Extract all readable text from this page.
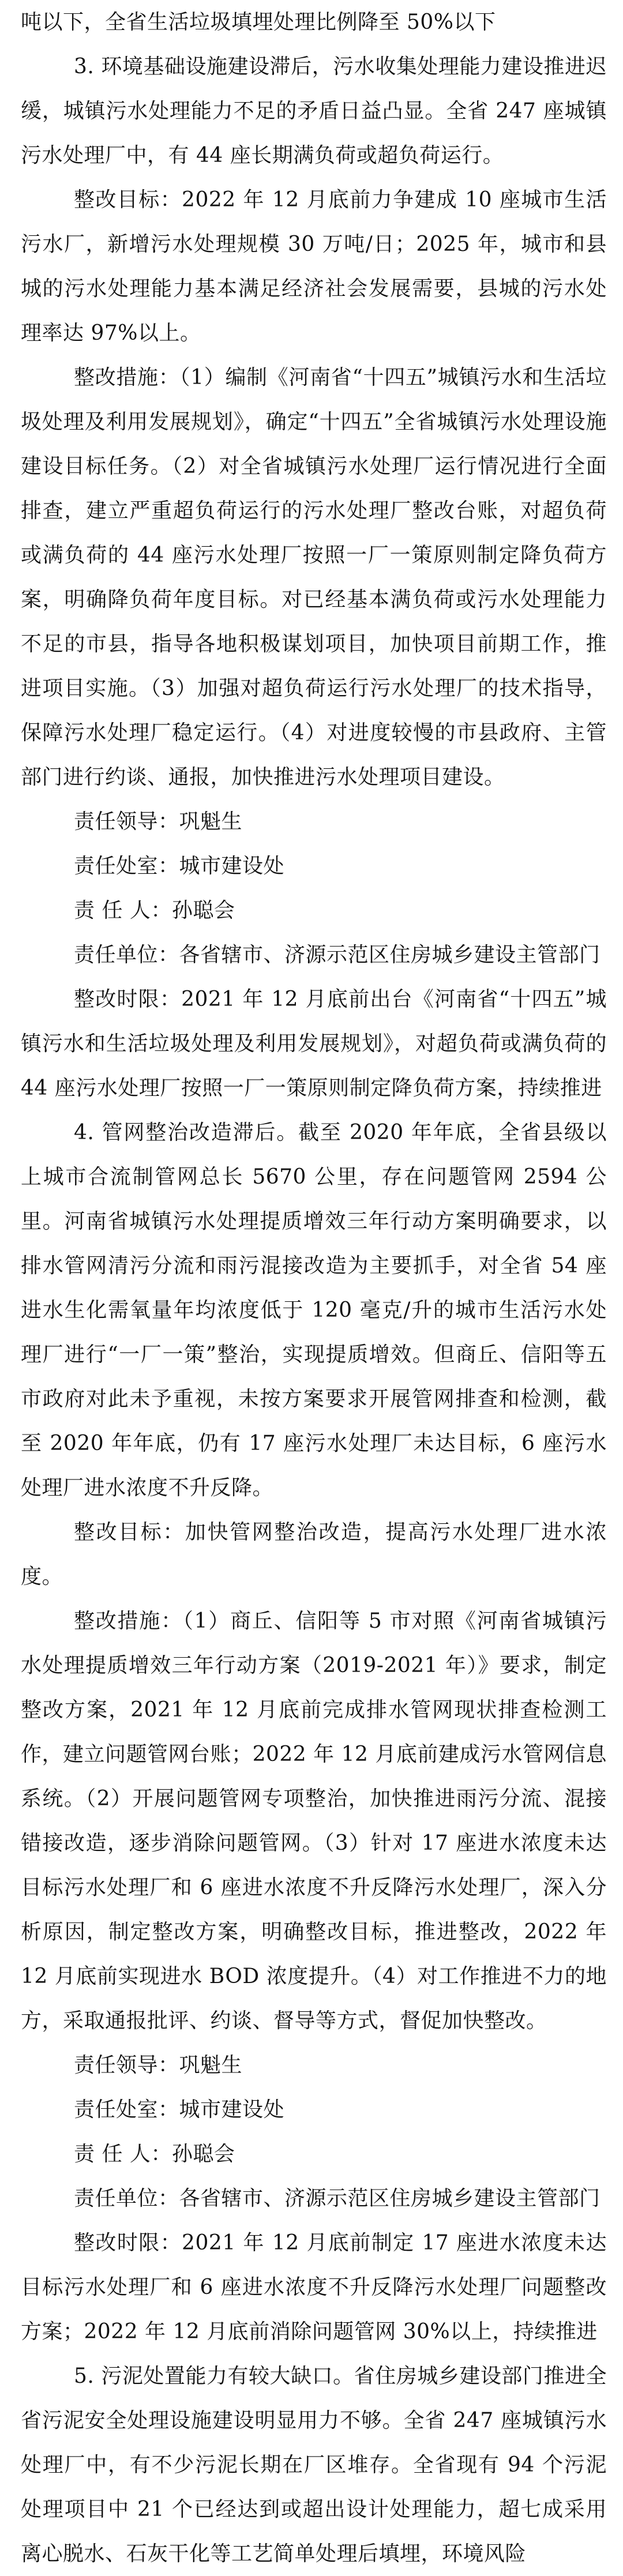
吨以下，全省生活垃圾填埋处理比例降至 50%以下

3. 环境基础设施建设滞后，污水收集处理能力建设推进迟缓，城镇污水处理能力不足的矛盾日益凸显。全省 247 座城镇污水处理厂中，有 44 座长期满负荷或超负荷运行。

整改目标：2022 年 12 月底前力争建成 10 座城市生活污水厂，新增污水处理规模 30 万吨/日；2025 年，城市和县城的污水处理能力基本满足经济社会发展需要，县城的污水处理率达 97%以上。

整改措施：（1）编制《河南省“十四五”城镇污水和生活垃圾处理及利用发展规划》，确定“十四五”全省城镇污水处理设施建设目标任务。（2）对全省城镇污水处理厂运行情况进行全面排查，建立严重超负荷运行的污水处理厂整改台账，对超负荷或满负荷的 44 座污水处理厂按照一厂一策原则制定降负荷方案，明确降负荷年度目标。对已经基本满负荷或污水处理能力不足的市县，指导各地积极谋划项目，加快项目前期工作，推进项目实施。（3）加强对超负荷运行污水处理厂的技术指导，保障污水处理厂稳定运行。（4）对进度较慢的市县政府、主管部门进行约谈、通报，加快推进污水处理项目建设。

责任领导：巩魁生

责任处室：城市建设处

责 任 人：孙聪会

责任单位：各省辖市、济源示范区住房城乡建设主管部门

整改时限：2021 年 12 月底前出台《河南省“十四五”城镇污水和生活垃圾处理及利用发展规划》，对超负荷或满负荷的 44 座污水处理厂按照一厂一策原则制定降负荷方案，持续推进

4. 管网整治改造滞后。截至 2020 年年底，全省县级以上城市合流制管网总长 5670 公里，存在问题管网 2594 公里。河南省城镇污水处理提质增效三年行动方案明确要求，以排水管网清污分流和雨污混接改造为主要抓手，对全省 54 座进水生化需氧量年均浓度低于 120 毫克/升的城市生活污水处理厂进行“一厂一策”整治，实现提质增效。但商丘、信阳等五市政府对此未予重视，未按方案要求开展管网排查和检测，截至 2020 年年底，仍有 17 座污水处理厂未达目标，6 座污水处理厂进水浓度不升反降。

整改目标：加快管网整治改造，提高污水处理厂进水浓度。

整改措施：（1）商丘、信阳等 5 市对照《河南省城镇污水处理提质增效三年行动方案（2019-2021 年）》要求，制定整改方案，2021 年 12 月底前完成排水管网现状排查检测工作，建立问题管网台账；2022 年 12 月底前建成污水管网信息系统。（2）开展问题管网专项整治，加快推进雨污分流、混接错接改造，逐步消除问题管网。（3）针对 17 座进水浓度未达目标污水处理厂和 6 座进水浓度不升反降污水处理厂，深入分析原因，制定整改方案，明确整改目标，推进整改，2022 年 12 月底前实现进水 BOD 浓度提升。（4）对工作推进不力的地方，采取通报批评、约谈、督导等方式，督促加快整改。

责任领导：巩魁生

责任处室：城市建设处

责 任 人：孙聪会

责任单位：各省辖市、济源示范区住房城乡建设主管部门

整改时限：2021 年 12 月底前制定 17 座进水浓度未达目标污水处理厂和 6 座进水浓度不升反降污水处理厂问题整改方案；2022 年 12 月底前消除问题管网 30%以上，持续推进

5. 污泥处置能力有较大缺口。省住房城乡建设部门推进全省污泥安全处理设施建设明显用力不够。全省 247 座城镇污水处理厂中，有不少污泥长期在厂区堆存。全省现有 94 个污泥处理项目中 21 个已经达到或超出设计处理能力，超七成采用离心脱水、石灰干化等工艺简单处理后填埋，环境风险
